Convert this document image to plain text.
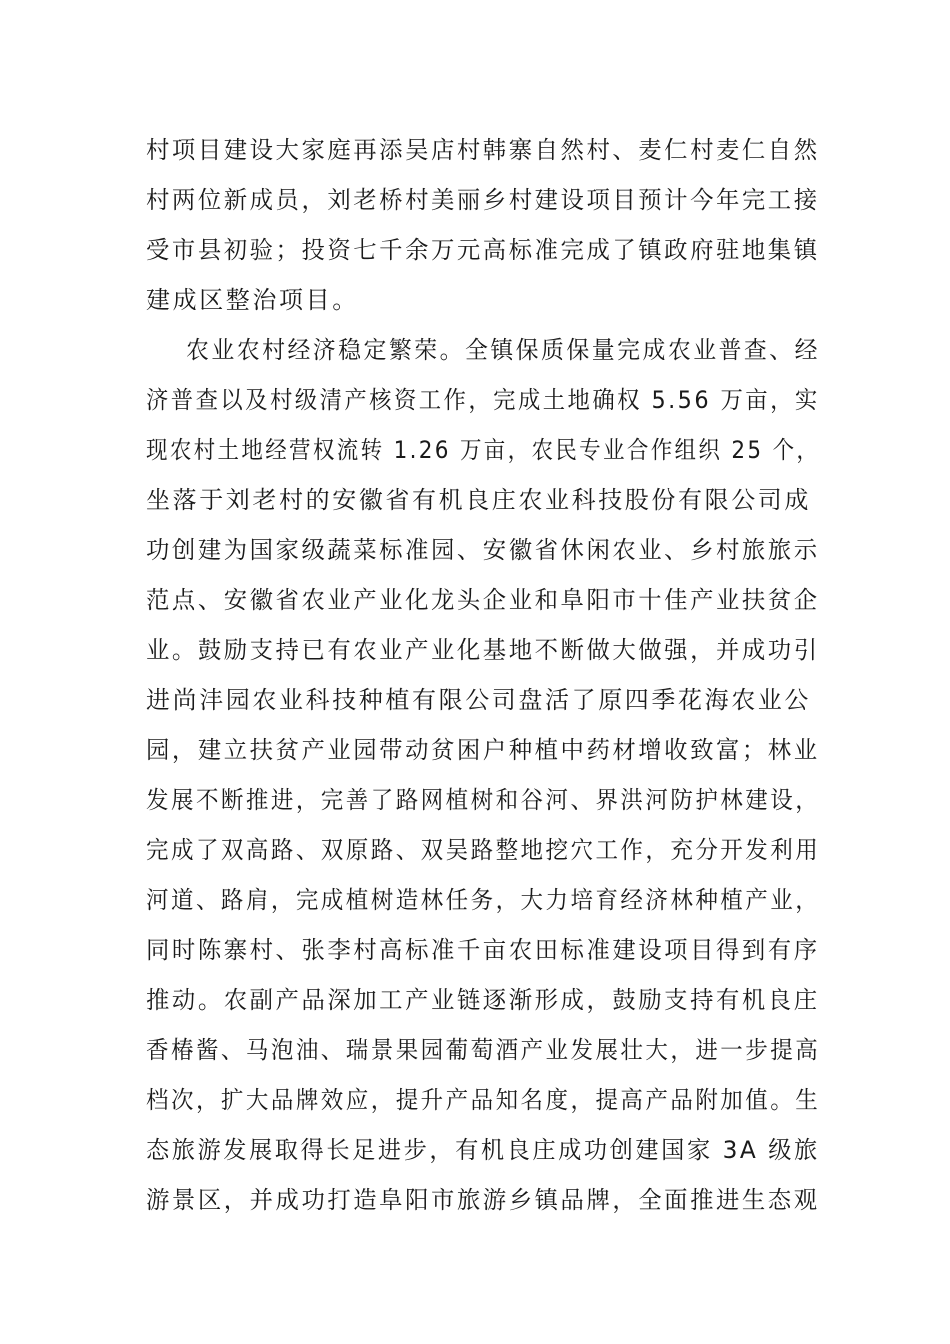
村项目建设大家庭再添吴店村韩寨自然村、麦仁村麦仁自然
村两位新成员，刘老桥村美丽乡村建设项目预计今年完工接
受市县初验；投资七千余万元高标准完成了镇政府驻地集镇
建成区整治项目。
农业农村经济稳定繁荣。全镇保质保量完成农业普查、经
济普查以及村级清产核资工作，完成土地确权 5.56 万亩，实
现农村土地经营权流转 1.26 万亩，农民专业合作组织 25 个，
坐落于刘老村的安徽省有机良庄农业科技股份有限公司成
功创建为国家级蔬菜标准园、安徽省休闲农业、乡村旅旅示
范点、安徽省农业产业化龙头企业和阜阳市十佳产业扶贫企
业。鼓励支持已有农业产业化基地不断做大做强，并成功引
进尚沣园农业科技种植有限公司盘活了原四季花海农业公
园，建立扶贫产业园带动贫困户种植中药材增收致富；林业
发展不断推进，完善了路网植树和谷河、界洪河防护林建设，
完成了双高路、双原路、双吴路整地挖穴工作，充分开发利用
河道、路肩，完成植树造林任务，大力培育经济林种植产业，
同时陈寨村、张李村高标准千亩农田标准建设项目得到有序
推动。农副产品深加工产业链逐渐形成，鼓励支持有机良庄
香椿酱、马泡油、瑞景果园葡萄酒产业发展壮大，进一步提高
档次，扩大品牌效应，提升产品知名度，提高产品附加值。生
态旅游发展取得长足进步，有机良庄成功创建国家 3A 级旅
游景区，并成功打造阜阳市旅游乡镇品牌，全面推进生态观
